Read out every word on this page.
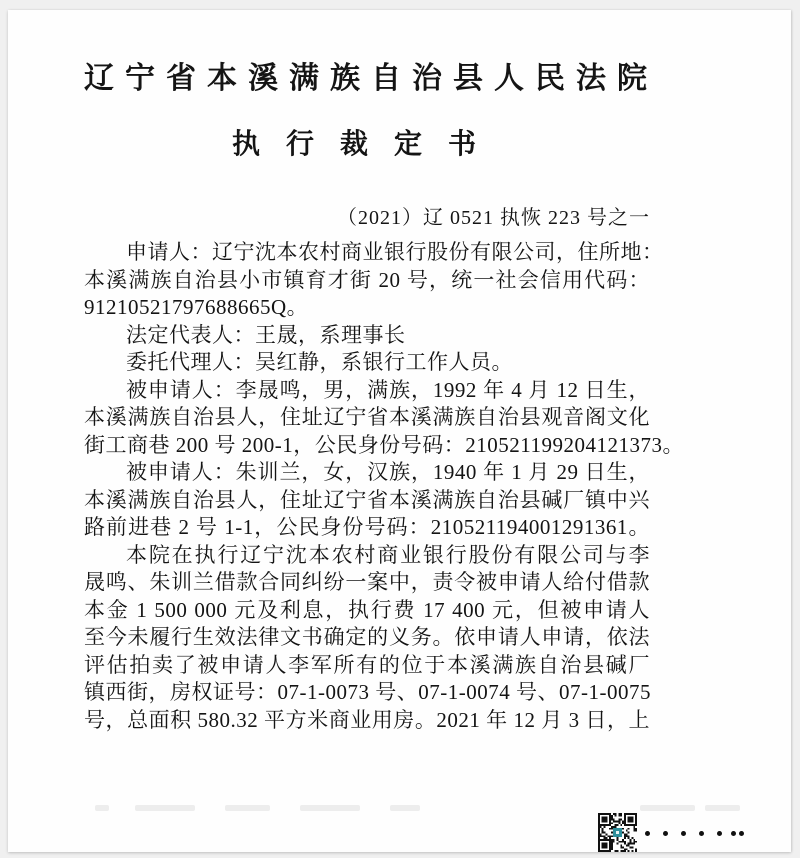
辽宁省本溪满族自治县人民法院
执行裁定书
（2021）辽 0521 执恢 223 号之一
申请人：辽宁沈本农村商业银行股份有限公司，住所地：
本溪满族自治县小市镇育才街 20 号，统一社会信用代码：
91210521797688665Q。
法定代表人：王晟，系理事长
委托代理人：吴红静，系银行工作人员。
被申请人：李晟鸣，男，满族，1992 年 4 月 12 日生，
本溪满族自治县人，住址辽宁省本溪满族自治县观音阁文化
街工商巷 200 号 200-1，公民身份号码：210521199204121373。
被申请人：朱训兰，女，汉族，1940 年 1 月 29 日生，
本溪满族自治县人，住址辽宁省本溪满族自治县碱厂镇中兴
路前进巷 2 号 1-1，公民身份号码：210521194001291361。
本院在执行辽宁沈本农村商业银行股份有限公司与李
晟鸣、朱训兰借款合同纠纷一案中，责令被申请人给付借款
本金 1 500 000 元及利息，执行费 17 400 元，但被申请人
至今未履行生效法律文书确定的义务。依申请人申请，依法
评估拍卖了被申请人李军所有的位于本溪满族自治县碱厂
镇西街，房权证号：07-1-0073 号、07-1-0074 号、07-1-0075
号，总面积 580.32 平方米商业用房。2021 年 12 月 3 日，上
